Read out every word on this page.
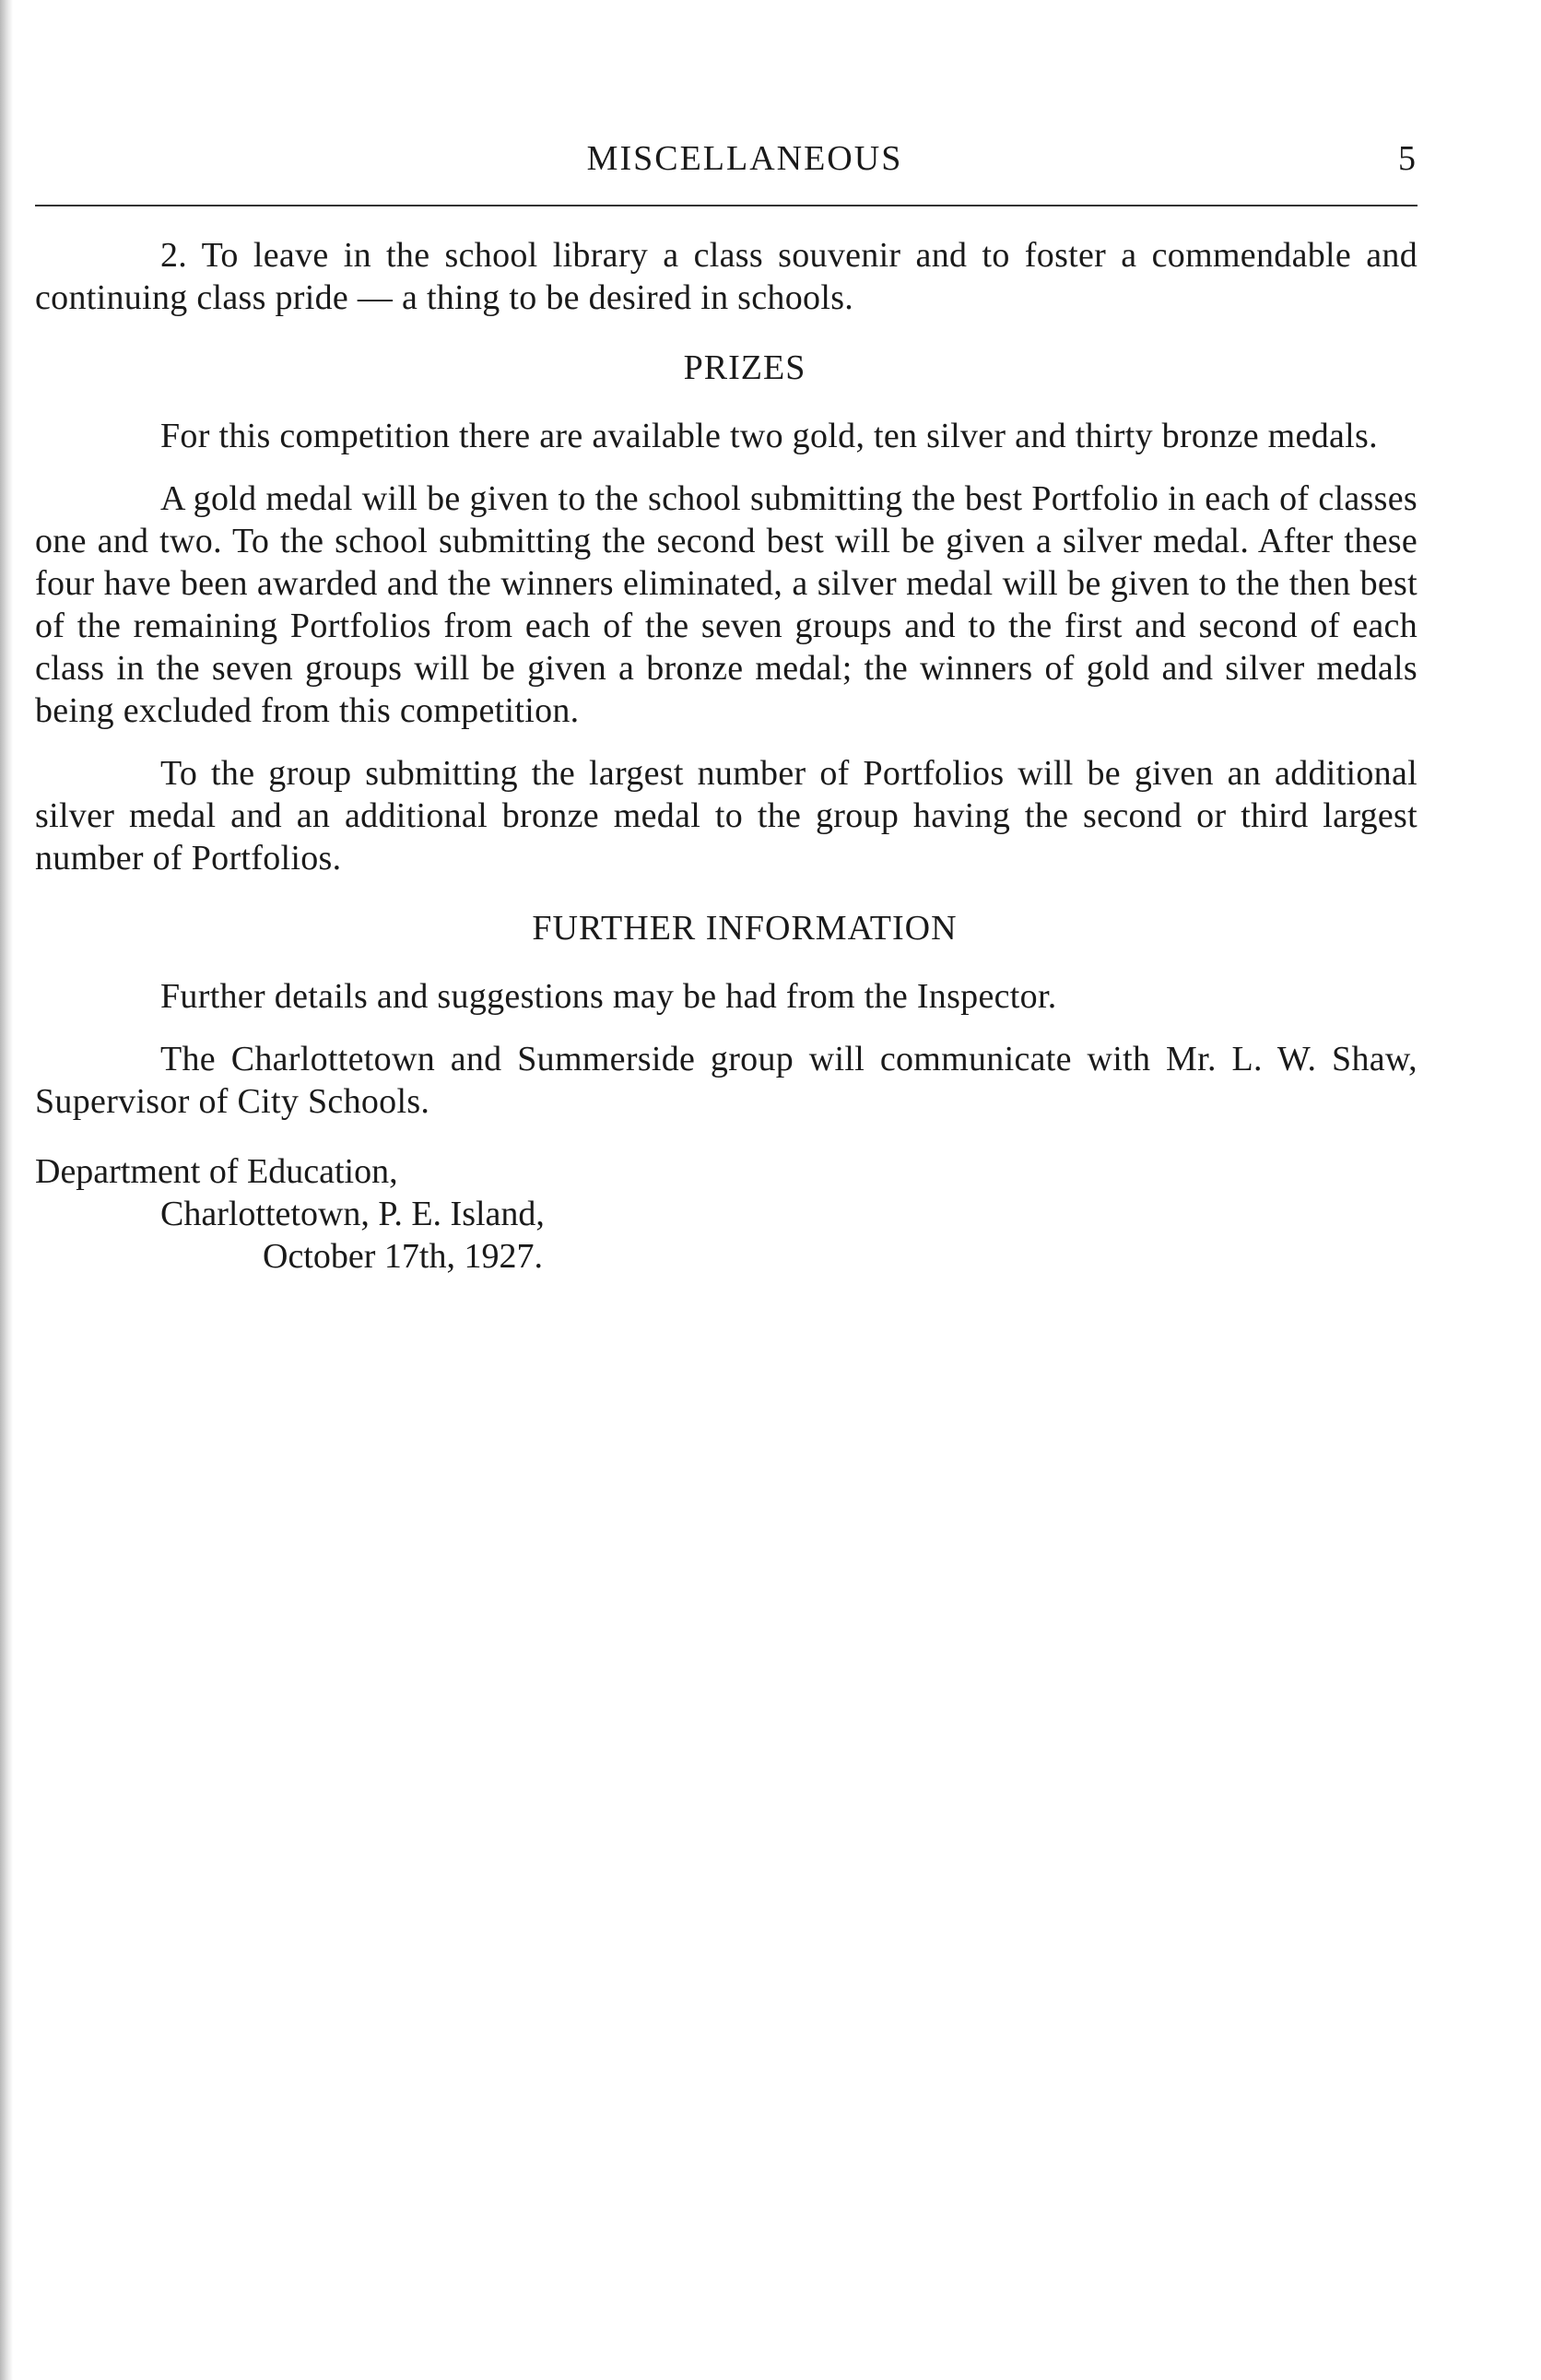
MISCELLANEOUS	5

2. To leave in the school library a class souvenir and to foster a commendable and continuing class pride — a thing to be desired in schools.

PRIZES

For this competition there are available two gold, ten silver and thirty bronze medals.

A gold medal will be given to the school submitting the best Portfolio in each of classes one and two. To the school submitting the second best will be given a silver medal. After these four have been awarded and the winners eliminated, a silver medal will be given to the then best of the remaining Portfolios from each of the seven groups and to the first and second of each class in the seven groups will be given a bronze medal; the winners of gold and silver medals being excluded from this competition.

To the group submitting the largest number of Portfolios will be given an additional silver medal and an additional bronze medal to the group having the second or third largest number of Portfolios.

FURTHER INFORMATION

Further details and suggestions may be had from the Inspector.

The Charlottetown and Summerside group will communicate with Mr. L. W. Shaw, Supervisor of City Schools.

Department of Education,
Charlottetown, P. E. Island,
October 17th, 1927.
